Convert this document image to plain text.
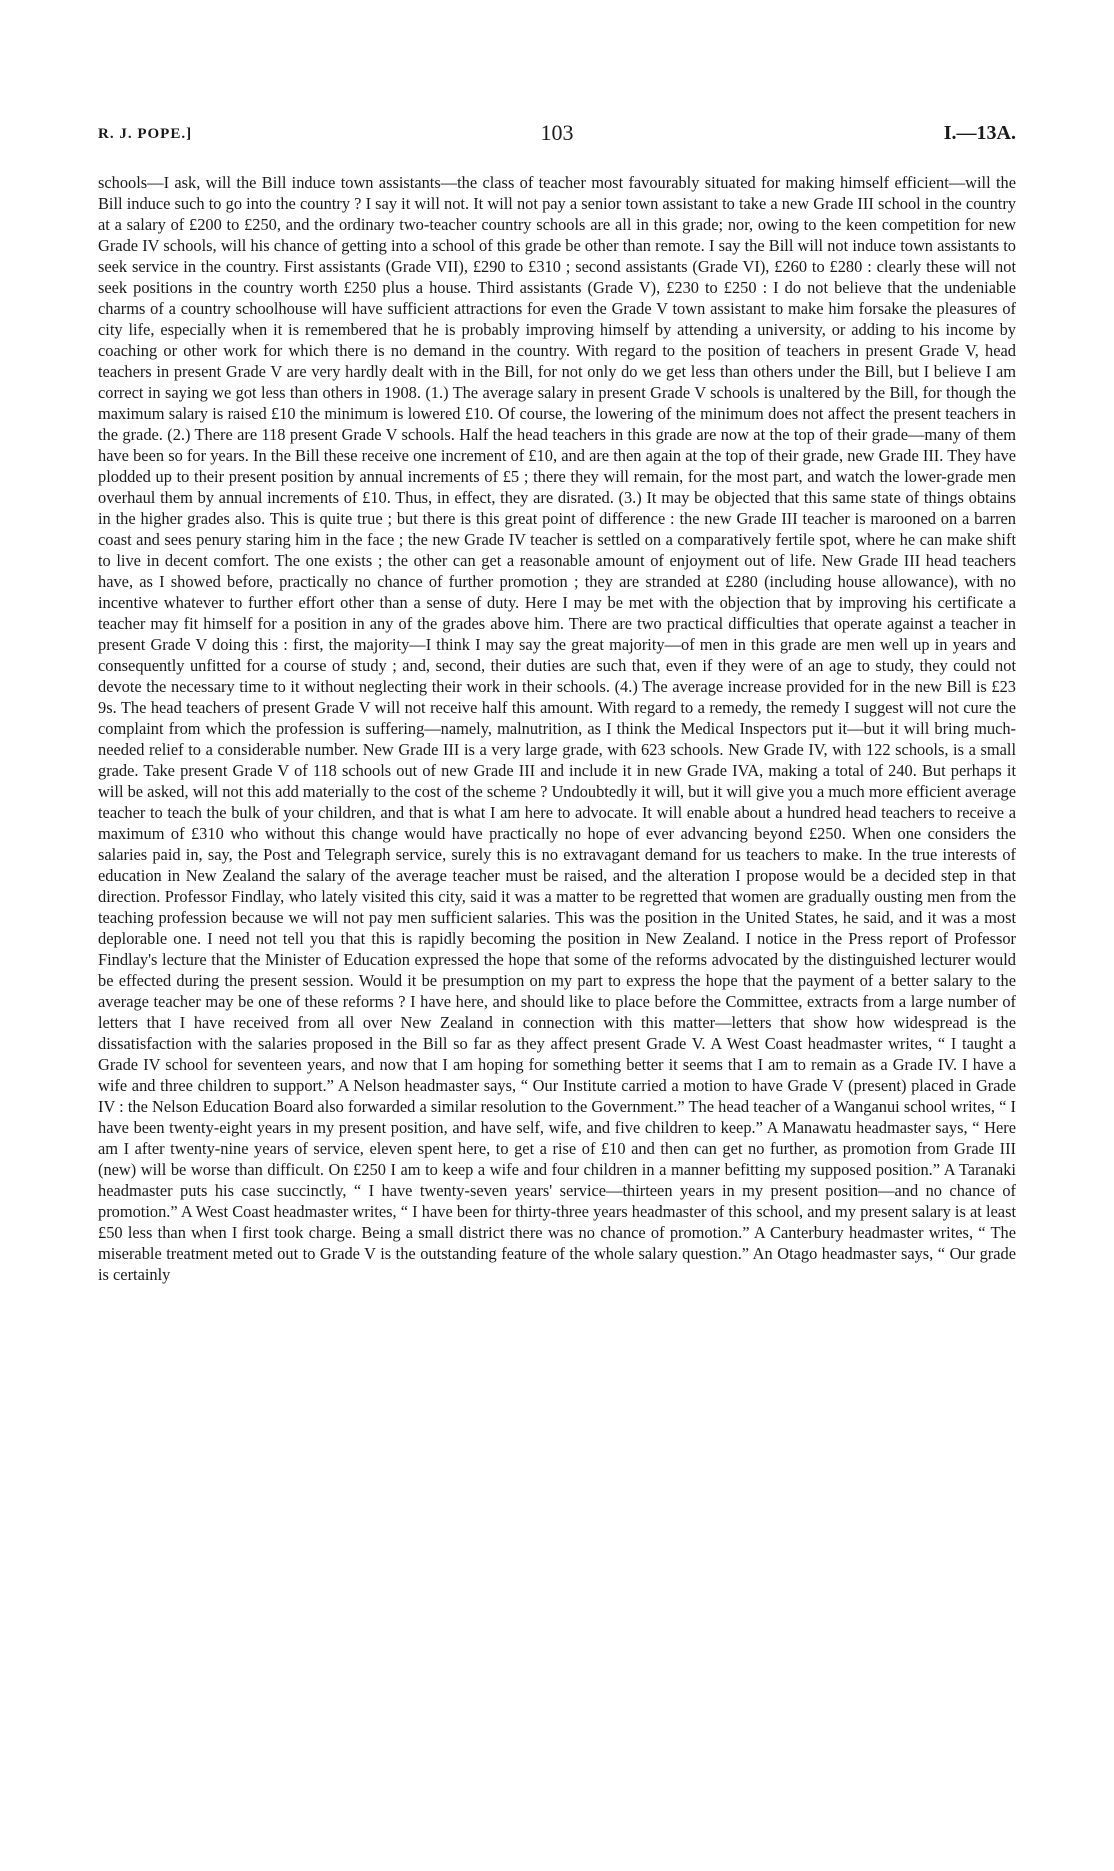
R. J. POPE.]	103	I.—13A.

schools—I ask, will the Bill induce town assistants—the class of teacher most favourably situated for making himself efficient—will the Bill induce such to go into the country ? I say it will not. It will not pay a senior town assistant to take a new Grade III school in the country at a salary of £200 to £250, and the ordinary two-teacher country schools are all in this grade; nor, owing to the keen competition for new Grade IV schools, will his chance of getting into a school of this grade be other than remote. I say the Bill will not induce town assistants to seek service in the country. First assistants (Grade VII), £290 to £310 ; second assistants (Grade VI), £260 to £280 : clearly these will not seek positions in the country worth £250 plus a house. Third assistants (Grade V), £230 to £250 : I do not believe that the undeniable charms of a country schoolhouse will have sufficient attractions for even the Grade V town assistant to make him forsake the pleasures of city life, especially when it is remembered that he is probably improving himself by attending a university, or adding to his income by coaching or other work for which there is no demand in the country. With regard to the position of teachers in present Grade V, head teachers in present Grade V are very hardly dealt with in the Bill, for not only do we get less than others under the Bill, but I believe I am correct in saying we got less than others in 1908. (1.) The average salary in present Grade V schools is unaltered by the Bill, for though the maximum salary is raised £10 the minimum is lowered £10. Of course, the lowering of the minimum does not affect the present teachers in the grade. (2.) There are 118 present Grade V schools. Half the head teachers in this grade are now at the top of their grade—many of them have been so for years. In the Bill these receive one increment of £10, and are then again at the top of their grade, new Grade III. They have plodded up to their present position by annual increments of £5 ; there they will remain, for the most part, and watch the lower-grade men overhaul them by annual increments of £10. Thus, in effect, they are disrated. (3.) It may be objected that this same state of things obtains in the higher grades also. This is quite true ; but there is this great point of difference : the new Grade III teacher is marooned on a barren coast and sees penury staring him in the face ; the new Grade IV teacher is settled on a comparatively fertile spot, where he can make shift to live in decent comfort. The one exists ; the other can get a reasonable amount of enjoyment out of life. New Grade III head teachers have, as I showed before, practically no chance of further promotion ; they are stranded at £280 (including house allowance), with no incentive whatever to further effort other than a sense of duty. Here I may be met with the objection that by improving his certificate a teacher may fit himself for a position in any of the grades above him. There are two practical difficulties that operate against a teacher in present Grade V doing this : first, the majority—I think I may say the great majority—of men in this grade are men well up in years and consequently unfitted for a course of study ; and, second, their duties are such that, even if they were of an age to study, they could not devote the necessary time to it without neglecting their work in their schools. (4.) The average increase provided for in the new Bill is £23 9s. The head teachers of present Grade V will not receive half this amount. With regard to a remedy, the remedy I suggest will not cure the complaint from which the profession is suffering—namely, malnutrition, as I think the Medical Inspectors put it—but it will bring much-needed relief to a considerable number. New Grade III is a very large grade, with 623 schools. New Grade IV, with 122 schools, is a small grade. Take present Grade V of 118 schools out of new Grade III and include it in new Grade IVA, making a total of 240. But perhaps it will be asked, will not this add materially to the cost of the scheme ? Undoubtedly it will, but it will give you a much more efficient average teacher to teach the bulk of your children, and that is what I am here to advocate. It will enable about a hundred head teachers to receive a maximum of £310 who without this change would have practically no hope of ever advancing beyond £250. When one considers the salaries paid in, say, the Post and Telegraph service, surely this is no extravagant demand for us teachers to make. In the true interests of education in New Zealand the salary of the average teacher must be raised, and the alteration I propose would be a decided step in that direction. Professor Findlay, who lately visited this city, said it was a matter to be regretted that women are gradually ousting men from the teaching profession because we will not pay men sufficient salaries. This was the position in the United States, he said, and it was a most deplorable one. I need not tell you that this is rapidly becoming the position in New Zealand. I notice in the Press report of Professor Findlay's lecture that the Minister of Education expressed the hope that some of the reforms advocated by the distinguished lecturer would be effected during the present session. Would it be presumption on my part to express the hope that the payment of a better salary to the average teacher may be one of these reforms ? I have here, and should like to place before the Committee, extracts from a large number of letters that I have received from all over New Zealand in connection with this matter—letters that show how widespread is the dissatisfaction with the salaries proposed in the Bill so far as they affect present Grade V. A West Coast headmaster writes, “ I taught a Grade IV school for seventeen years, and now that I am hoping for something better it seems that I am to remain as a Grade IV. I have a wife and three children to support.” A Nelson headmaster says, “ Our Institute carried a motion to have Grade V (present) placed in Grade IV : the Nelson Education Board also forwarded a similar resolution to the Government.” The head teacher of a Wanganui school writes, “ I have been twenty-eight years in my present position, and have self, wife, and five children to keep.” A Manawatu headmaster says, “ Here am I after twenty-nine years of service, eleven spent here, to get a rise of £10 and then can get no further, as promotion from Grade III (new) will be worse than difficult. On £250 I am to keep a wife and four children in a manner befitting my supposed position.” A Taranaki headmaster puts his case succinctly, “ I have twenty-seven years' service—thirteen years in my present position—and no chance of promotion.” A West Coast headmaster writes, “ I have been for thirty-three years headmaster of this school, and my present salary is at least £50 less than when I first took charge. Being a small district there was no chance of promotion.” A Canterbury headmaster writes, “ The miserable treatment meted out to Grade V is the outstanding feature of the whole salary question.” An Otago headmaster says, “ Our grade is certainly
